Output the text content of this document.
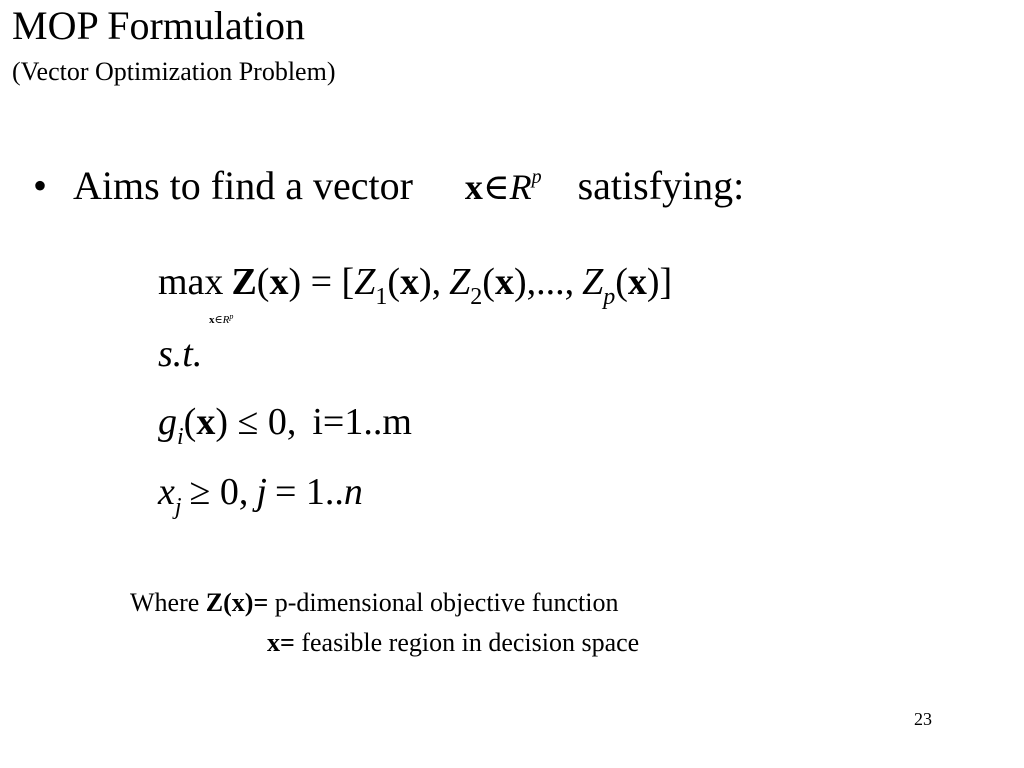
MOP Formulation
(Vector Optimization Problem)
• Aims to find a vector $x\in R^p$ satisfying:
$\max Z(x) = [Z_1(x)$, $Z_2(x)$,..., $Z_p(x)$]
$x\in R^p$
s.t.
$g_i(x) \le 0$, i=1..m
$x_j \ge 0$, j = 1..n
Where Z(x)= p-dimensional objective function
x= feasible region in decision space
23
